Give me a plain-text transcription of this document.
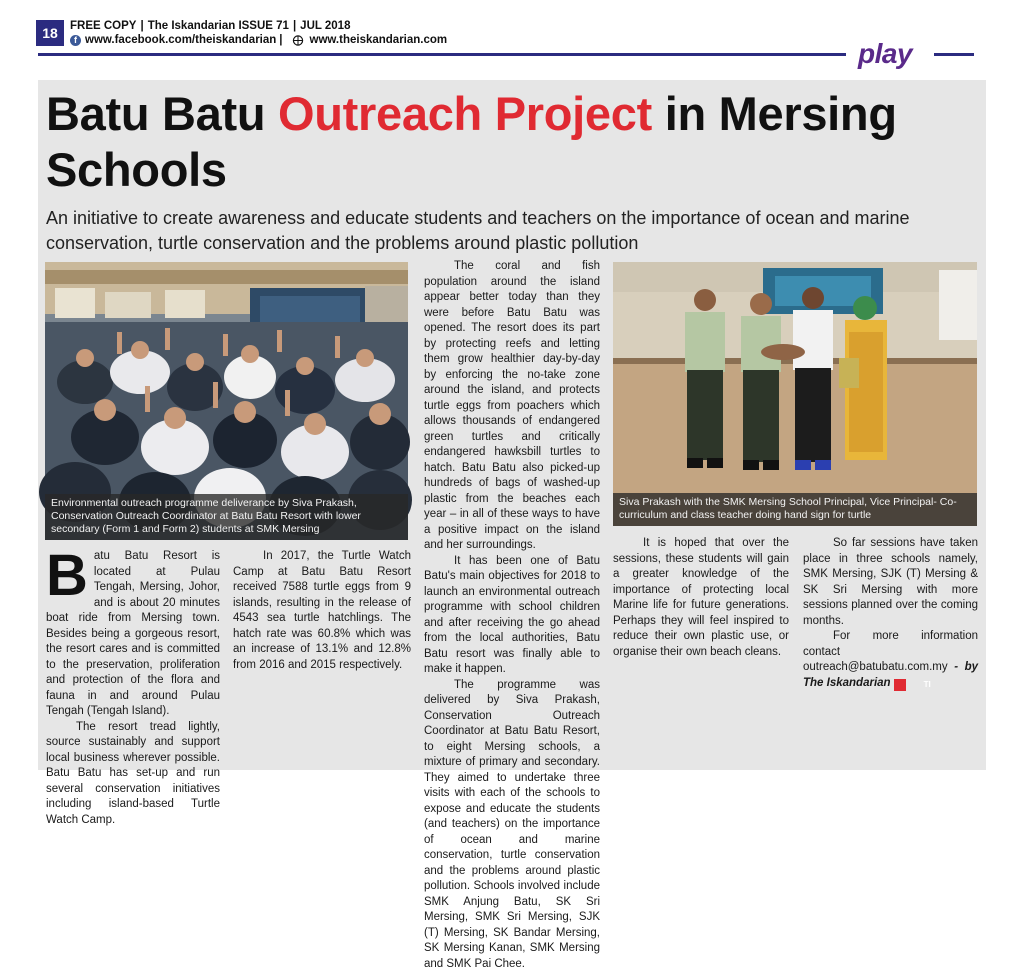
18	FREE COPY | The Iskandarian ISSUE 71 | JUL 2018
f www.facebook.com/theiskandarian | www.theiskandarian.com	play
Batu Batu Outreach Project in Mersing Schools
An initiative to create awareness and educate students and teachers on the importance of ocean and marine conservation, turtle conservation and the problems around plastic pollution
Environmental outreach programme deliverance by Siva Prakash, Conservation Outreach Coordinator at Batu Batu Resort with lower secondary (Form 1 and Form 2) students at SMK Mersing
Siva Prakash with the SMK Mersing School Principal, Vice Principal- Co-curriculum and class teacher doing hand sign for turtle

The coral and fish population around the island appear better today than they were before Batu Batu was opened. The resort does its part by protecting reefs and letting them grow healthier day-by-day by enforcing the no-take zone around the island, and protects turtle eggs from poachers which allows thousands of endangered green turtles and critically endangered hawksbill turtles to hatch. Batu Batu also picked-up hundreds of bags of washed-up plastic from the beaches each year – in all of these ways to have a positive impact on the island and her surroundings.

It has been one of Batu Batu's main objectives for 2018 to launch an environmental outreach programme with school children and after receiving the go ahead from the local authorities, Batu Batu resort was finally able to make it happen.

The programme was delivered by Siva Prakash, Conservation Outreach Coordinator at Batu Batu Resort, to eight Mersing schools, a mixture of primary and secondary. They aimed to undertake three visits with each of the schools to expose and educate the students (and teachers) on the importance of ocean and marine conservation, turtle conservation and the problems around plastic pollution. Schools involved include SMK Anjung Batu, SK Sri Mersing, SMK Sri Mersing, SJK (T) Mersing, SK Bandar Mersing, SK Mersing Kanan, SMK Mersing and SMK Pai Chee.

Batu Batu Resort is located at Pulau Tengah, Mersing, Johor, and is about 20 minutes boat ride from Mersing town. Besides being a gorgeous resort, the resort cares and is committed to the preservation, proliferation and protection of the flora and fauna in and around Pulau Tengah (Tengah Island).

The resort tread lightly, source sustainably and support local business wherever possible. Batu Batu has set-up and run several conservation initiatives including island-based Turtle Watch Camp.

In 2017, the Turtle Watch Camp at Batu Batu Resort received 7588 turtle eggs from 9 islands, resulting in the release of 4543 sea turtle hatchlings. The hatch rate was 60.8% which was an increase of 13.1% and 12.8% from 2016 and 2015 respectively.

It is hoped that over the sessions, these students will gain a greater knowledge of the importance of protecting local Marine life for future generations. Perhaps they will feel inspired to reduce their own plastic use, or organise their own beach cleans.

So far sessions have taken place in three schools namely, SMK Mersing, SJK (T) Mersing & SK Sri Mersing with more sessions planned over the coming months.

For more information contact outreach@batubatu.com.my - by The Iskandarian	TI
